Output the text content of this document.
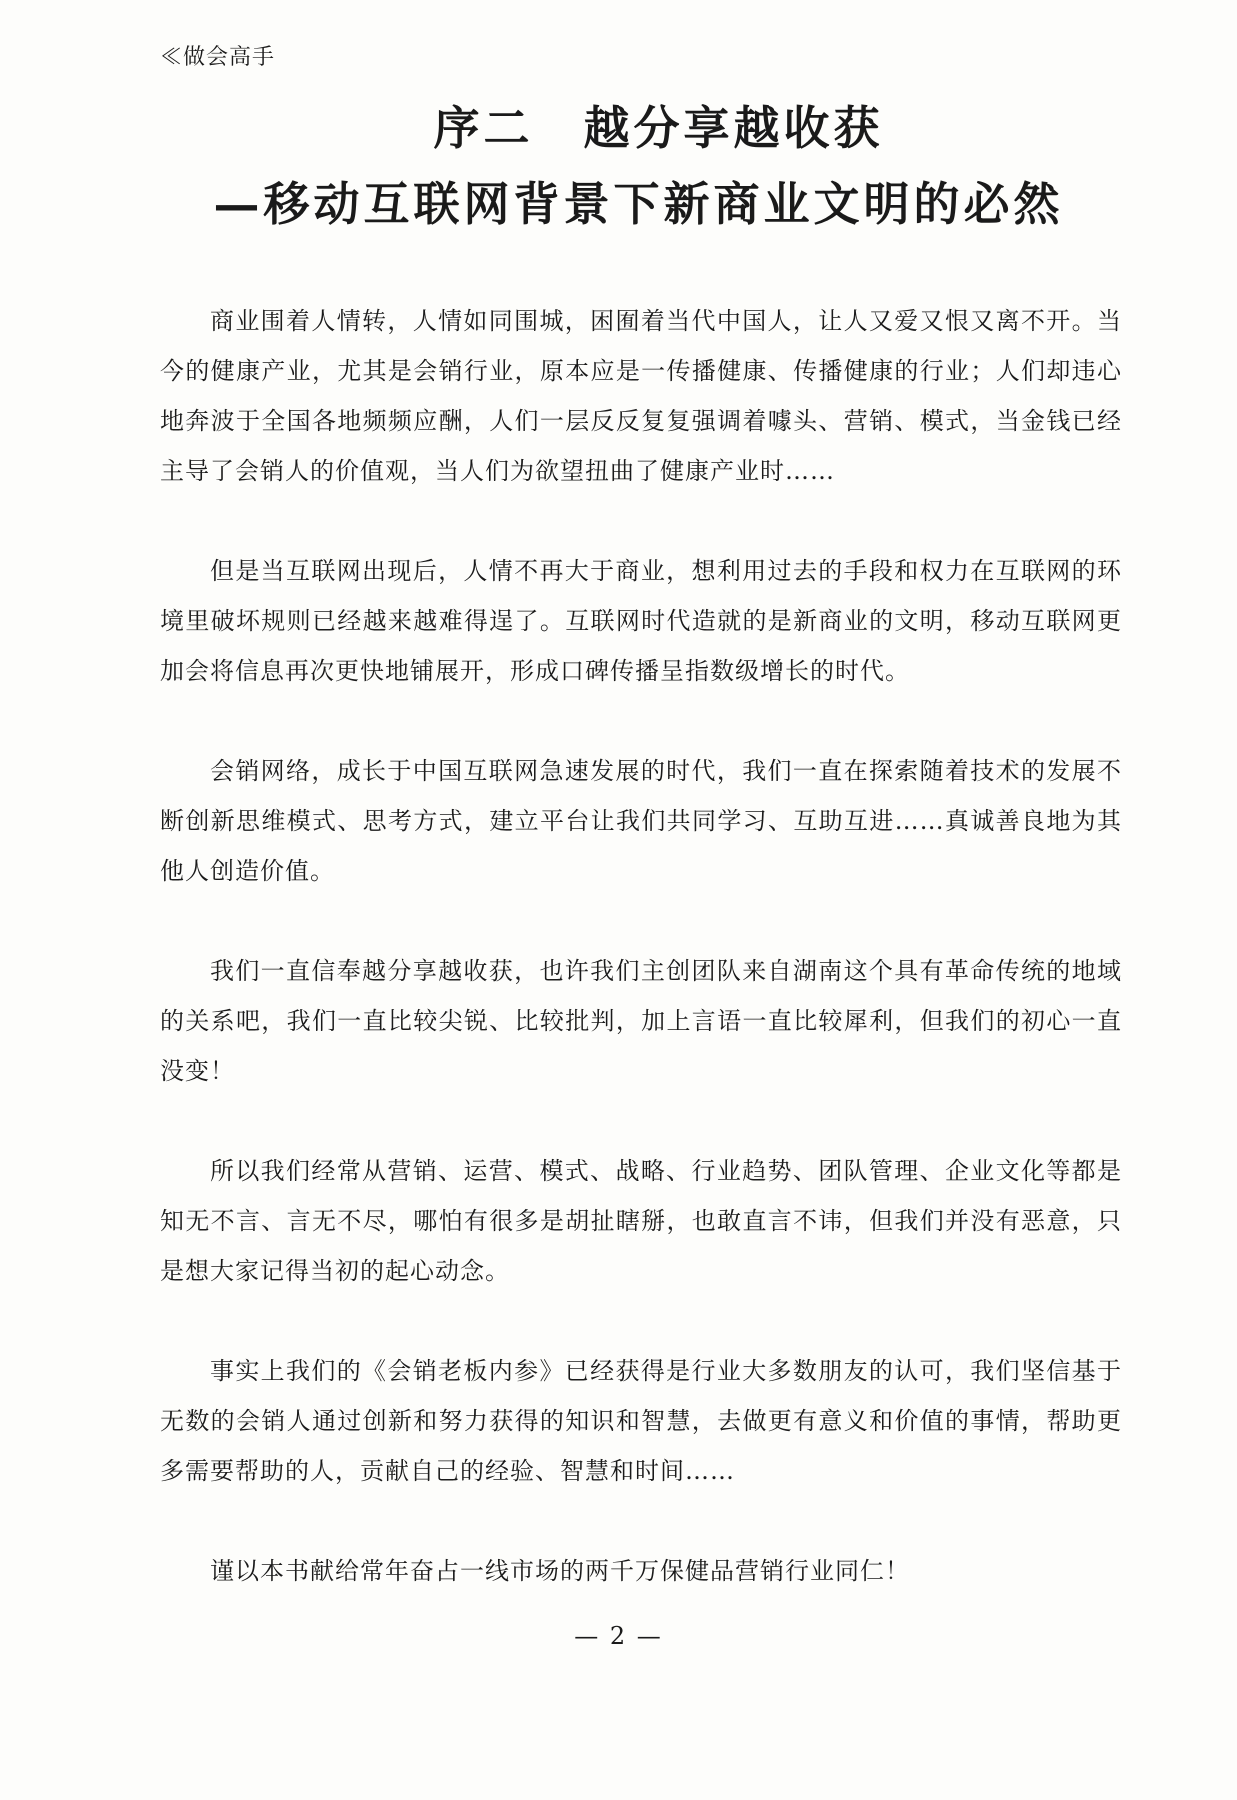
≪做会高手
序二　越分享越收获
—移动互联网背景下新商业文明的必然

商业围着人情转，人情如同围城，困囿着当代中国人，让人又爱又恨又离不开。当今的健康产业，尤其是会销行业，原本应是一传播健康、传播健康的行业；人们却违心地奔波于全国各地频频应酬，人们一层反反复复强调着噱头、营销、模式，当金钱已经主导了会销人的价值观，当人们为欲望扭曲了健康产业时……

但是当互联网出现后，人情不再大于商业，想利用过去的手段和权力在互联网的环境里破坏规则已经越来越难得逞了。互联网时代造就的是新商业的文明，移动互联网更加会将信息再次更快地铺展开，形成口碑传播呈指数级增长的时代。

会销网络，成长于中国互联网急速发展的时代，我们一直在探索随着技术的发展不断创新思维模式、思考方式，建立平台让我们共同学习、互助互进……真诚善良地为其他人创造价值。

我们一直信奉越分享越收获，也许我们主创团队来自湖南这个具有革命传统的地域的关系吧，我们一直比较尖锐、比较批判，加上言语一直比较犀利，但我们的初心一直没变！

所以我们经常从营销、运营、模式、战略、行业趋势、团队管理、企业文化等都是知无不言、言无不尽，哪怕有很多是胡扯瞎掰，也敢直言不讳，但我们并没有恶意，只是想大家记得当初的起心动念。

事实上我们的《会销老板内参》已经获得是行业大多数朋友的认可，我们坚信基于无数的会销人通过创新和努力获得的知识和智慧，去做更有意义和价值的事情，帮助更多需要帮助的人，贡献自己的经验、智慧和时间……

谨以本书献给常年奋占一线市场的两千万保健品营销行业同仁！

— 2 —
